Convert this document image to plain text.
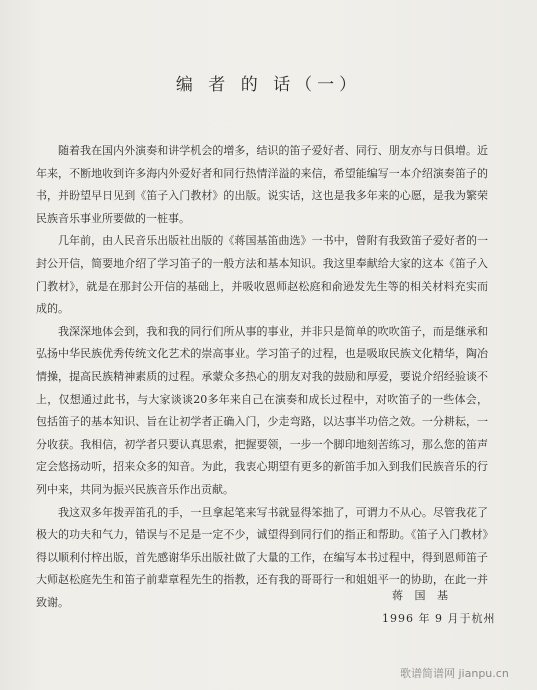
编 者 的 话（一）

随着我在国内外演奏和讲学机会的增多，结识的笛子爱好者、同行、朋友亦与日俱增。近年来，不断地收到许多海内外爱好者和同行热情洋溢的来信，希望能编写一本介绍演奏笛子的书，并盼望早日见到《笛子入门教材》的出版。说实话，这也是我多年来的心愿，是我为繁荣民族音乐事业所要做的一桩事。

几年前，由人民音乐出版社出版的《蒋国基笛曲选》一书中，曾附有我致笛子爱好者的一封公开信，简要地介绍了学习笛子的一般方法和基本知识。我这里奉献给大家的这本《笛子入门教材》，就是在那封公开信的基础上，并吸收恩师赵松庭和俞逊发先生等的相关材料充实而成的。

我深深地体会到，我和我的同行们所从事的事业，并非只是简单的吹吹笛子，而是继承和弘扬中华民族优秀传统文化艺术的崇高事业。学习笛子的过程，也是吸取民族文化精华，陶冶情操，提高民族精神素质的过程。承蒙众多热心的朋友对我的鼓励和厚爱，要说介绍经验谈不上，仅想通过此书，与大家谈谈20多年来自己在演奏和成长过程中，对吹笛子的一些体会，包括笛子的基本知识、旨在让初学者正确入门，少走弯路，以达事半功倍之效。一分耕耘，一分收获。我相信，初学者只要认真思索，把握要领，一步一个脚印地刻苦练习，那么您的笛声定会悠扬动听，招来众多的知音。为此，我衷心期望有更多的新笛手加入到我们民族音乐的行列中来，共同为振兴民族音乐作出贡献。

我这双多年拨弄笛孔的手，一旦拿起笔来写书就显得笨拙了，可谓力不从心。尽管我花了极大的功夫和气力，错误与不足是一定不少，诚望得到同行们的指正和帮助。《笛子入门教材》得以顺利付梓出版，首先感谢华乐出版社做了大量的工作，在编写本书过程中，得到恩师笛子大师赵松庭先生和笛子前辈章程先生的指教，还有我的哥哥行一和姐姐平一的协助，在此一并致谢。

蒋 国 基
1996 年 9 月于杭州
歌谱简谱网 jianpu.cn
